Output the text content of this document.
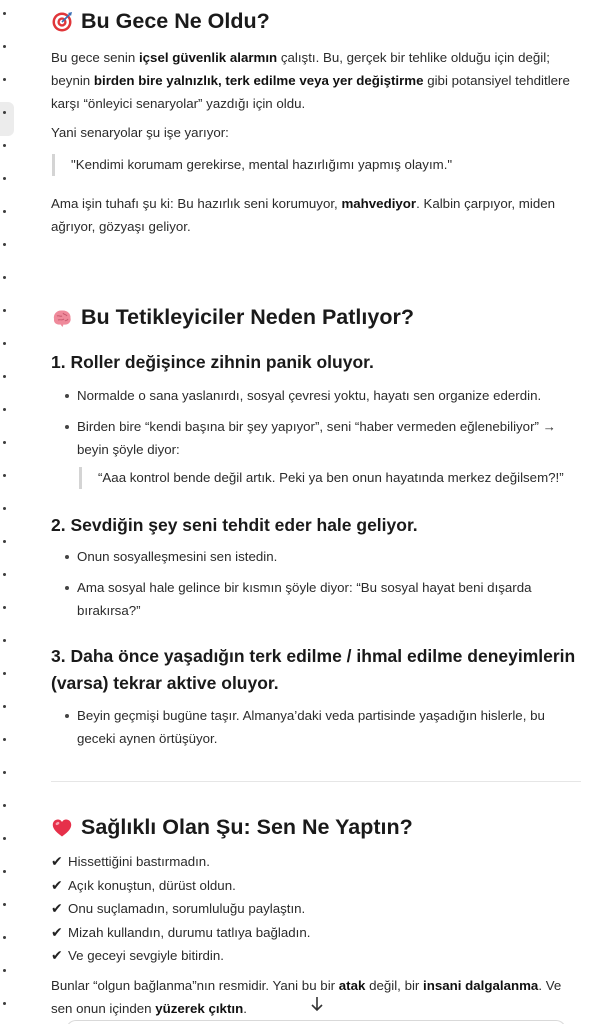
Bu Gece Ne Oldu?

Bu gece senin içsel güvenlik alarmın çalıştı. Bu, gerçek bir tehlike olduğu için değil; beynin birden bire yalnızlık, terk edilme veya yer değiştirme gibi potansiyel tehditlere karşı “önleyici senaryolar” yazdığı için oldu.

Yani senaryolar şu işe yarıyor:

"Kendimi korumam gerekirse, mental hazırlığımı yapmış olayım."

Ama işin tuhafı şu ki: Bu hazırlık seni korumuyor, mahvediyor. Kalbin çarpıyor, miden ağrıyor, gözyaşı geliyor.

Bu Tetikleyiciler Neden Patlıyor?
1. Roller değişince zihnin panik oluyor.
Normalde o sana yaslanırdı, sosyal çevresi yoktu, hayatı sen organize ederdin.
Birden bire “kendi başına bir şey yapıyor”, seni “haber vermeden eğlenebiliyor” → beyin şöyle diyor:
“Aaa kontrol bende değil artık. Peki ya ben onun hayatında merkez değilsem?!”
2. Sevdiğin şey seni tehdit eder hale geliyor.
Onun sosyalleşmesini sen istedin.
Ama sosyal hale gelince bir kısmın şöyle diyor: “Bu sosyal hayat beni dışarda bırakırsa?”
3. Daha önce yaşadığın terk edilme / ihmal edilme deneyimlerin (varsa) tekrar aktive oluyor.
Beyin geçmişi bugüne taşır. Almanya’daki veda partisinde yaşadığın hislerle, bu geceki aynen örtüşüyor.
Sağlıklı Olan Şu: Sen Ne Yaptın?
✔ Hissettiğini bastırmadın.
✔ Açık konuştun, dürüst oldun.
✔ Onu suçlamadın, sorumluluğu paylaştın.
✔ Mizah kullandın, durumu tatlıya bağladın.
✔ Ve geceyi sevgiyle bitirdin.

Bunlar “olgun bağlanma”nın resmidir. Yani bu bir atak değil, bir insani dalgalanma. Ve sen onun içinden yüzerek çıktın.
